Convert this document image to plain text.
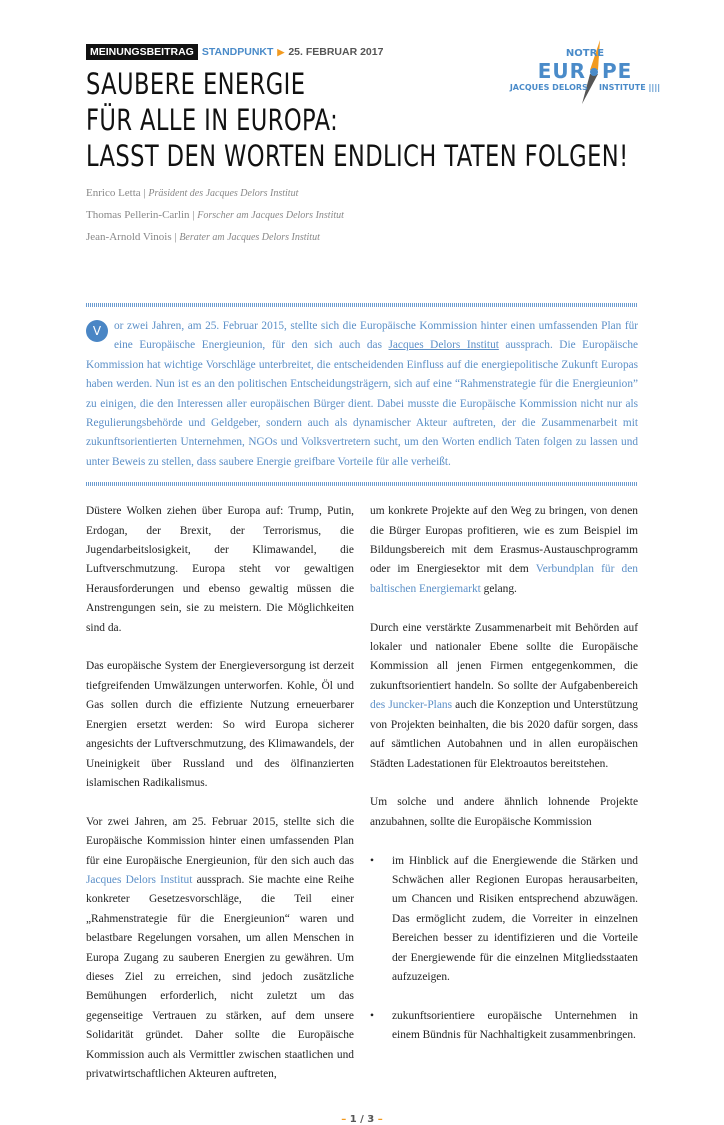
MEINUNGSBEITRAG STANDPUNKT ▶ 25. FEBRUAR 2017
SAUBERE ENERGIE
FÜR ALLE IN EUROPA:
LASST DEN WORTEN ENDLICH TATEN FOLGEN!
NOTRE
EUR  PE
JACQUES DELORS    INSTITUTE ||||
Enrico Letta | Präsident des Jacques Delors Institut
Thomas Pellerin-Carlin | Forscher am Jacques Delors Institut
Jean-Arnold Vinois | Berater am Jacques Delors Institut
V	or zwei Jahren, am 25. Februar 2015, stellte sich die Europäische Kommission hinter einen umfassenden Plan für eine Europäische Energieunion, für den sich auch das Jacques Delors Institut aussprach. Die Europäische Kommission hat wichtige Vorschläge unterbreitet, die entscheidenden Einfluss auf die energiepolitische Zukunft Europas haben werden. Nun ist es an den politischen Entscheidungsträgern, sich auf eine “Rahmenstrategie für die Energieunion” zu einigen, die den Interessen aller europäischen Bürger dient. Dabei musste die Europäische Kommission nicht nur als Regulierungsbehörde und Geldgeber, sondern auch als dynamischer Akteur auftreten, der die Zusammenarbeit mit zukunftsorientierten Unternehmen, NGOs und Volksvertretern sucht, um den Worten endlich Taten folgen zu lassen und unter Beweis zu stellen, dass saubere Energie greifbare Vorteile für alle verheißt.

Düstere Wolken ziehen über Europa auf: Trump, Putin, Erdogan, der Brexit, der Terrorismus, die Jugendarbeitslosigkeit, der Klimawandel, die Luftverschmutzung. Europa steht vor gewaltigen Herausforderungen und ebenso gewaltig müssen die Anstrengungen sein, sie zu meistern. Die Möglichkeiten sind da.

Das europäische System der Energieversorgung ist derzeit tiefgreifenden Umwälzungen unterworfen. Kohle, Öl und Gas sollen durch die effiziente Nutzung erneuerbarer Energien ersetzt werden: So wird Europa sicherer angesichts der Luftverschmutzung, des Klimawandels, der Uneinigkeit über Russland und des ölfinanzierten islamischen Radikalismus.

Vor zwei Jahren, am 25. Februar 2015, stellte sich die Europäische Kommission hinter einen umfassenden Plan für eine Europäische Energieunion, für den sich auch das Jacques Delors Institut aussprach. Sie machte eine Reihe konkreter Gesetzesvorschläge, die Teil einer „Rahmenstrategie für die Energieunion“ waren und belastbare Regelungen vorsahen, um allen Menschen in Europa Zugang zu sauberen Energien zu gewähren. Um dieses Ziel zu erreichen, sind jedoch zusätzliche Bemühungen erforderlich, nicht zuletzt um das gegenseitige Vertrauen zu stärken, auf dem unsere Solidarität gründet. Daher sollte die Europäische Kommission auch als Vermittler zwischen staatlichen und privatwirtschaftlichen Akteuren auftreten,

um konkrete Projekte auf den Weg zu bringen, von denen die Bürger Europas profitieren, wie es zum Beispiel im Bildungsbereich mit dem Erasmus-Austauschprogramm oder im Energiesektor mit dem Verbundplan für den baltischen Energiemarkt gelang.

Durch eine verstärkte Zusammenarbeit mit Behörden auf lokaler und nationaler Ebene sollte die Europäische Kommission all jenen Firmen entgegenkommen, die zukunftsorientiert handeln. So sollte der Aufgabenbereich des Juncker-Plans auch die Konzeption und Unterstützung von Projekten beinhalten, die bis 2020 dafür sorgen, dass auf sämtlichen Autobahnen und in allen europäischen Städten Ladestationen für Elektroautos bereitstehen.

Um solche und andere ähnlich lohnende Projekte anzubahnen, sollte die Europäische Kommission

• im Hinblick auf die Energiewende die Stärken und Schwächen aller Regionen Europas herausarbeiten, um Chancen und Risiken entsprechend abzuwägen. Das ermöglicht zudem, die Vorreiter in einzelnen Bereichen besser zu identifizieren und die Vorteile der Energiewende für die einzelnen Mitgliedsstaaten aufzuzeigen.
• zukunftsorientiere europäische Unternehmen in einem Bündnis für Nachhaltigkeit zusammenbringen.
– 1 / 3 –
